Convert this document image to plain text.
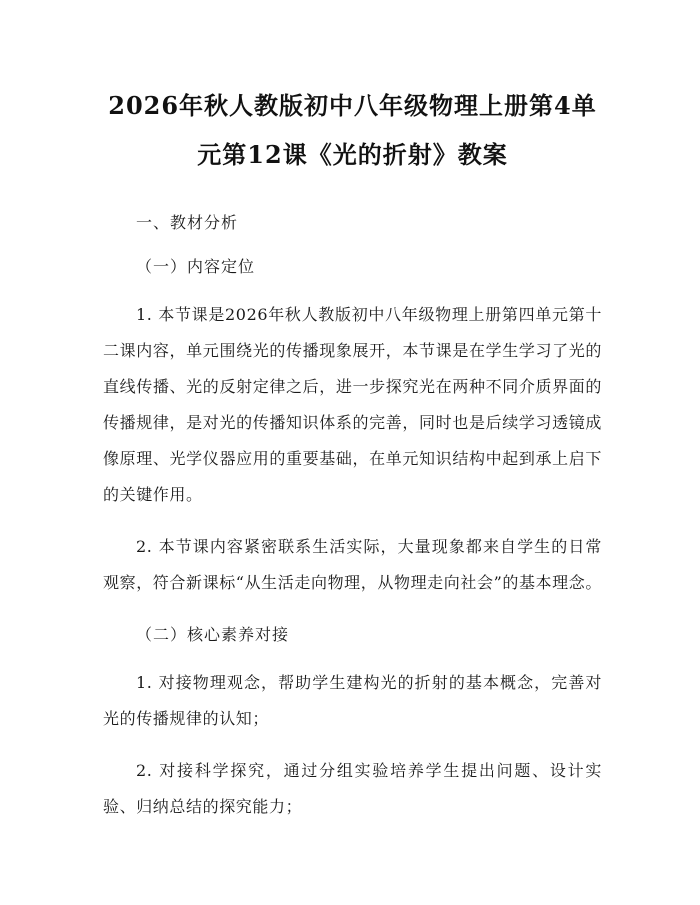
2026年秋人教版初中八年级物理上册第4单
元第12课《光的折射》教案

一、教材分析

（一）内容定位

1. 本节课是2026年秋人教版初中八年级物理上册第四单元第十二课内容，单元围绕光的传播现象展开，本节课是在学生学习了光的直线传播、光的反射定律之后，进一步探究光在两种不同介质界面的传播规律，是对光的传播知识体系的完善，同时也是后续学习透镜成像原理、光学仪器应用的重要基础，在单元知识结构中起到承上启下的关键作用。

2. 本节课内容紧密联系生活实际，大量现象都来自学生的日常观察，符合新课标“从生活走向物理，从物理走向社会”的基本理念。

（二）核心素养对接

1. 对接物理观念，帮助学生建构光的折射的基本概念，完善对光的传播规律的认知；

2. 对接科学探究，通过分组实验培养学生提出问题、设计实验、归纳总结的探究能力；
